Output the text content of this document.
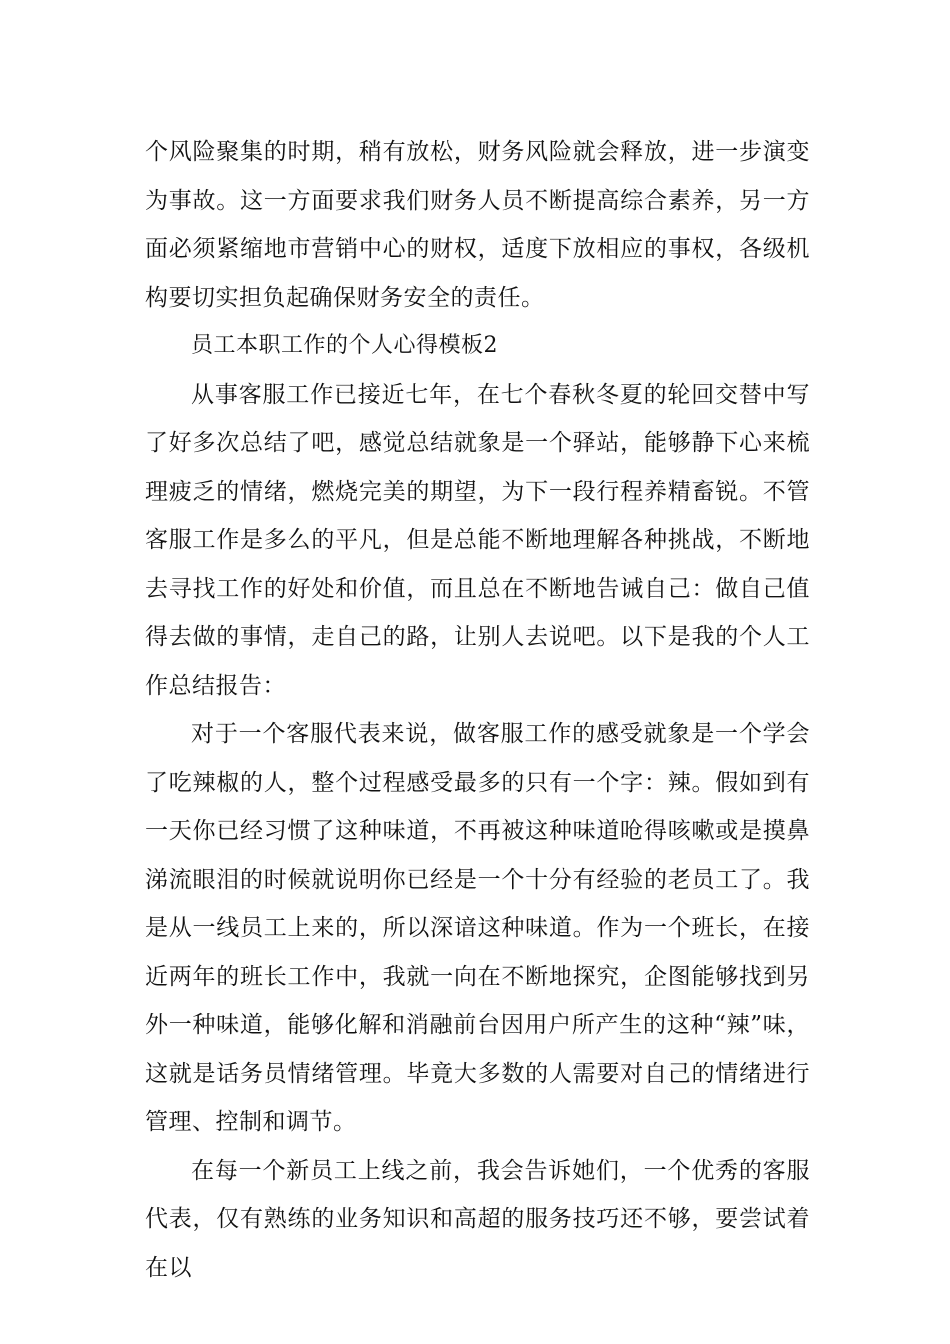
个风险聚集的时期，稍有放松，财务风险就会释放，进一步演变为事故。这一方面要求我们财务人员不断提高综合素养，另一方面必须紧缩地市营销中心的财权，适度下放相应的事权，各级机构要切实担负起确保财务安全的责任。

员工本职工作的个人心得模板2

从事客服工作已接近七年，在七个春秋冬夏的轮回交替中写了好多次总结了吧，感觉总结就象是一个驿站，能够静下心来梳理疲乏的情绪，燃烧完美的期望，为下一段行程养精畜锐。不管客服工作是多么的平凡，但是总能不断地理解各种挑战，不断地去寻找工作的好处和价值，而且总在不断地告诫自己：做自己值得去做的事情，走自己的路，让别人去说吧。以下是我的个人工作总结报告：

对于一个客服代表来说，做客服工作的感受就象是一个学会了吃辣椒的人，整个过程感受最多的只有一个字：辣。假如到有一天你已经习惯了这种味道，不再被这种味道呛得咳嗽或是摸鼻涕流眼泪的时候就说明你已经是一个十分有经验的老员工了。我是从一线员工上来的，所以深谙这种味道。作为一个班长，在接近两年的班长工作中，我就一向在不断地探究，企图能够找到另外一种味道，能够化解和消融前台因用户所产生的这种“辣”味，这就是话务员情绪管理。毕竟大多数的人需要对自己的情绪进行管理、控制和调节。

在每一个新员工上线之前，我会告诉她们，一个优秀的客服代表，仅有熟练的业务知识和高超的服务技巧还不够，要尝试着在以
